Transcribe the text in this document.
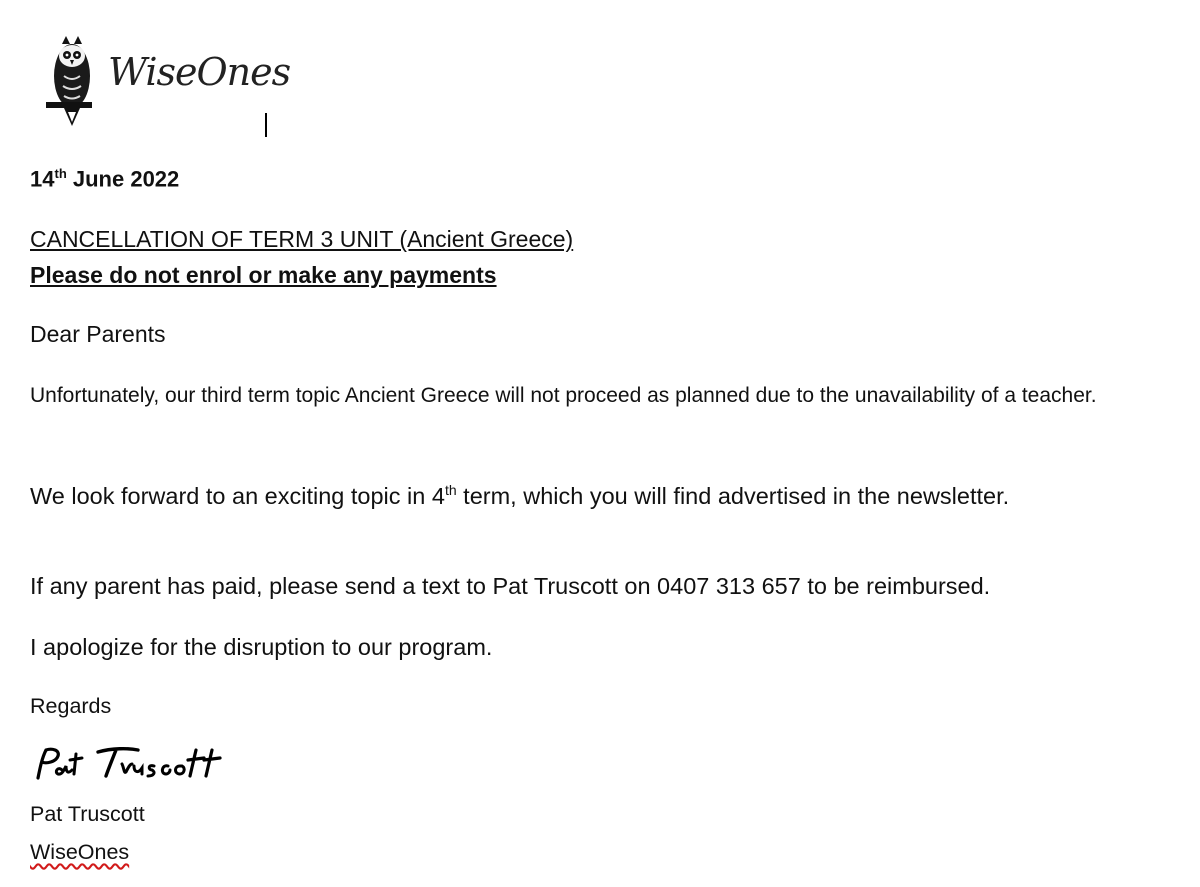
WiseOnes
14th June 2022
CANCELLATION OF TERM 3 UNIT (Ancient Greece)
Please do not enrol or make any payments
Dear Parents
Unfortunately, our third term topic Ancient Greece will not proceed as planned due to the unavailability of a teacher.
We look forward to an exciting topic in 4th term, which you will find advertised in the newsletter.
If any parent has paid, please send a text to Pat Truscott on 0407 313 657 to be reimbursed.
I apologize for the disruption to our program.
Regards
Pat Truscott
WiseOnes
